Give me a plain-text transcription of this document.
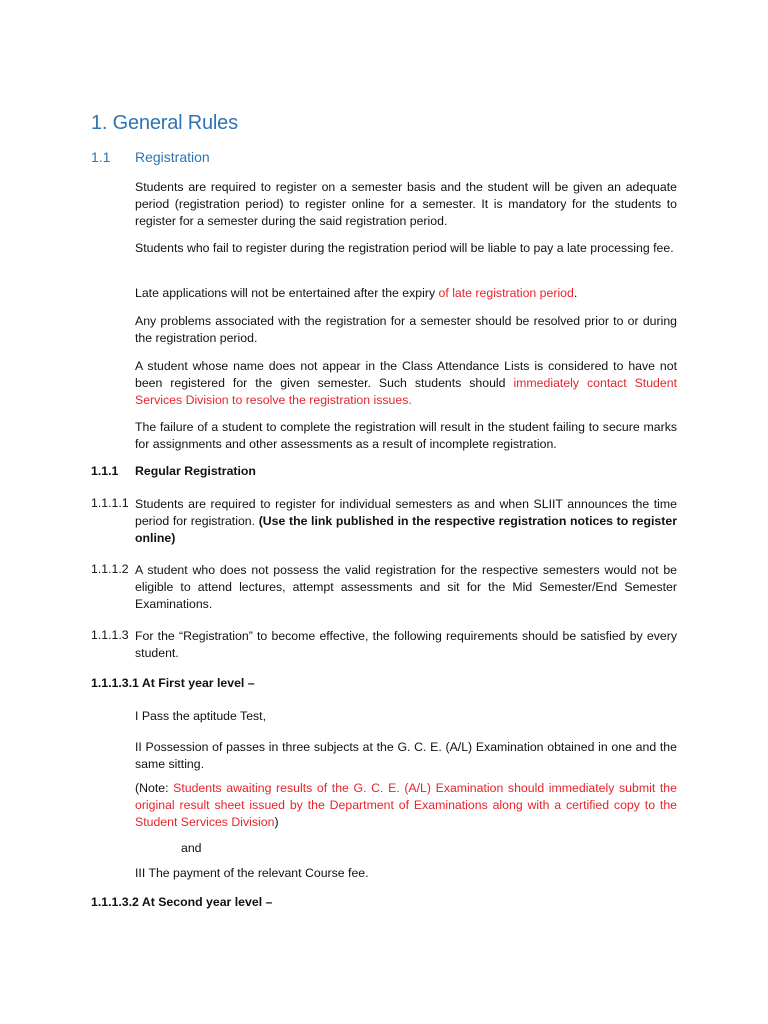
1. General Rules
1.1 Registration
Students are required to register on a semester basis and the student will be given an adequate period (registration period) to register online for a semester. It is mandatory for the students to register for a semester during the said registration period.
Students who fail to register during the registration period will be liable to pay a late processing fee.
Late applications will not be entertained after the expiry of late registration period.
Any problems associated with the registration for a semester should be resolved prior to or during the registration period.
A student whose name does not appear in the Class Attendance Lists is considered to have not been registered for the given semester. Such students should immediately contact Student Services Division to resolve the registration issues.
The failure of a student to complete the registration will result in the student failing to secure marks for assignments and other assessments as a result of incomplete registration.
1.1.1 Regular Registration
1.1.1.1 Students are required to register for individual semesters as and when SLIIT announces the time period for registration. (Use the link published in the respective registration notices to register online)
1.1.1.2 A student who does not possess the valid registration for the respective semesters would not be eligible to attend lectures, attempt assessments and sit for the Mid Semester/End Semester Examinations.
1.1.1.3 For the “Registration” to become effective, the following requirements should be satisfied by every student.
1.1.1.3.1 At First year level –
I Pass the aptitude Test,
II Possession of passes in three subjects at the G. C. E. (A/L) Examination obtained in one and the same sitting.
(Note: Students awaiting results of the G. C. E. (A/L) Examination should immediately submit the original result sheet issued by the Department of Examinations along with a certified copy to the Student Services Division)
and
III The payment of the relevant Course fee.
1.1.1.3.2 At Second year level –
